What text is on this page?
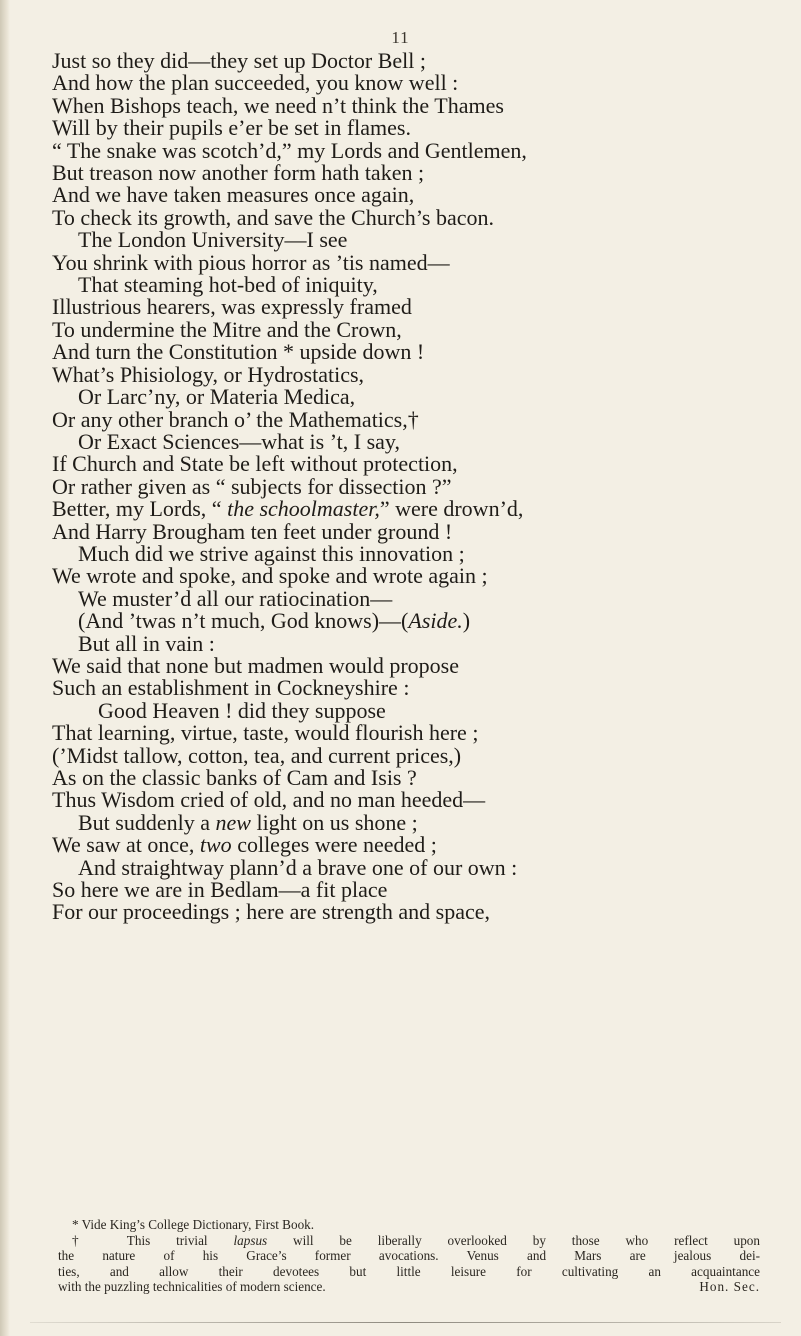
11
Just so they did—they set up Doctor Bell ;
And how the plan succeeded, you know well :
When Bishops teach, we need n’t think the Thames
Will by their pupils e’er be set in flames.
“ The snake was scotch’d,” my Lords and Gentlemen,
But treason now another form hath taken ;
And we have taken measures once again,
To check its growth, and save the Church’s bacon.
The London University—I see
You shrink with pious horror as ’tis named—
That steaming hot-bed of iniquity,
Illustrious hearers, was expressly framed
To undermine the Mitre and the Crown,
And turn the Constitution * upside down !
What’s Phisiology, or Hydrostatics,
Or Larc’ny, or Materia Medica,
Or any other branch o’ the Mathematics,†
Or Exact Sciences—what is ’t, I say,
If Church and State be left without protection,
Or rather given as “ subjects for dissection ?”
Better, my Lords, “ the schoolmaster,” were drown’d,
And Harry Brougham ten feet under ground !
Much did we strive against this innovation ;
We wrote and spoke, and spoke and wrote again ;
We muster’d all our ratiocination—
(And ’twas n’t much, God knows)—(Aside.)
But all in vain :
We said that none but madmen would propose
Such an establishment in Cockneyshire :
Good Heaven ! did they suppose
That learning, virtue, taste, would flourish here ;
(’Midst tallow, cotton, tea, and current prices,)
As on the classic banks of Cam and Isis ?
Thus Wisdom cried of old, and no man heeded—
But suddenly a new light on us shone ;
We saw at once, two colleges were needed ;
And straightway plann’d a brave one of our own :
So here we are in Bedlam—a fit place
For our proceedings ; here are strength and space,
* Vide King’s College Dictionary, First Book.
† This trivial lapsus will be liberally overlooked by those who reflect upon
the nature of his Grace’s former avocations. Venus and Mars are jealous dei-
ties, and allow their devotees but little leisure for cultivating an acquaintance
with the puzzling technicalities of modern science.	Hon. Sec.
